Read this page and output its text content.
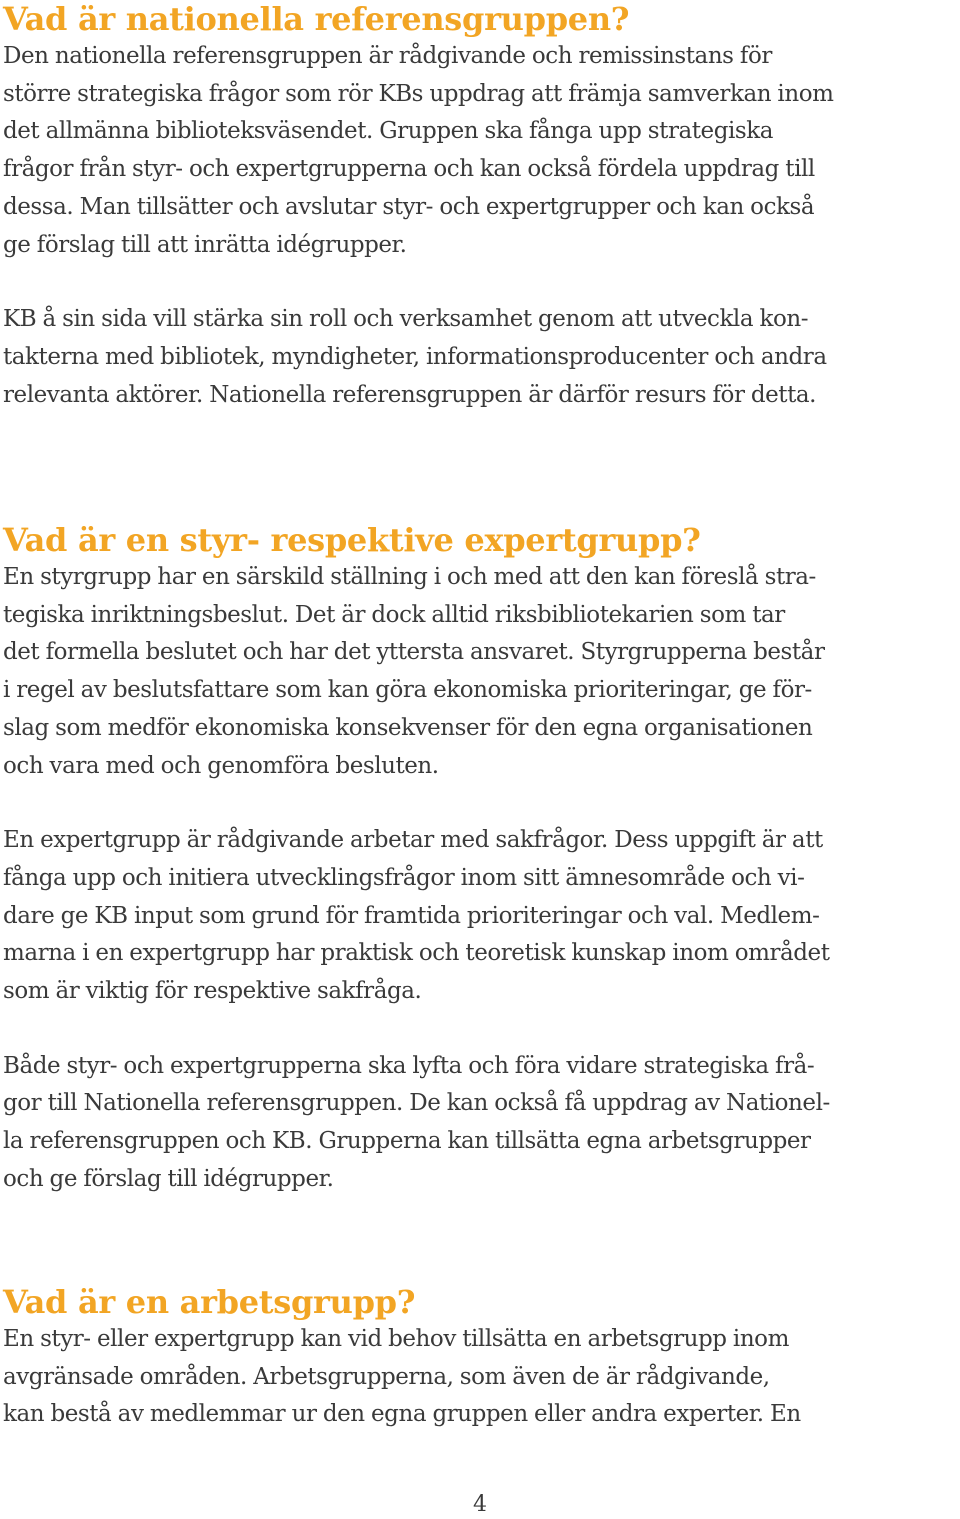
Vad är nationella referensgruppen?

Den nationella referensgruppen är rådgivande och remissinstans för
större strategiska frågor som rör KBs uppdrag att främja samverkan inom
det allmänna biblioteksväsendet. Gruppen ska fånga upp strategiska
frågor från styr- och expertgrupperna och kan också fördela uppdrag till
dessa. Man tillsätter och avslutar styr- och expertgrupper och kan också
ge förslag till att inrätta idégrupper.

KB å sin sida vill stärka sin roll och verksamhet genom att utveckla kon-
takterna med bibliotek, myndigheter, informationsproducenter och andra
relevanta aktörer. Nationella referensgruppen är därför resurs för detta.

Vad är en styr- respektive expertgrupp?

En styrgrupp har en särskild ställning i och med att den kan föreslå stra-
tegiska inriktningsbeslut. Det är dock alltid riksbibliotekarien som tar
det formella beslutet och har det yttersta ansvaret. Styrgrupperna består
i regel av beslutsfattare som kan göra ekonomiska prioriteringar, ge för-
slag som medför ekonomiska konsekvenser för den egna organisationen
och vara med och genomföra besluten.

En expertgrupp är rådgivande arbetar med sakfrågor. Dess uppgift är att
fånga upp och initiera utvecklingsfrågor inom sitt ämnesområde och vi-
dare ge KB input som grund för framtida prioriteringar och val. Medlem-
marna i en expertgrupp har praktisk och teoretisk kunskap inom området
som är viktig för respektive sakfråga.

Både styr- och expertgrupperna ska lyfta och föra vidare strategiska frå-
gor till Nationella referensgruppen. De kan också få uppdrag av Nationel-
la referensgruppen och KB. Grupperna kan tillsätta egna arbetsgrupper
och ge förslag till idégrupper.

Vad är en arbetsgrupp?

En styr- eller expertgrupp kan vid behov tillsätta en arbetsgrupp inom
avgränsade områden. Arbetsgrupperna, som även de är rådgivande,
kan bestå av medlemmar ur den egna gruppen eller andra experter. En

4
